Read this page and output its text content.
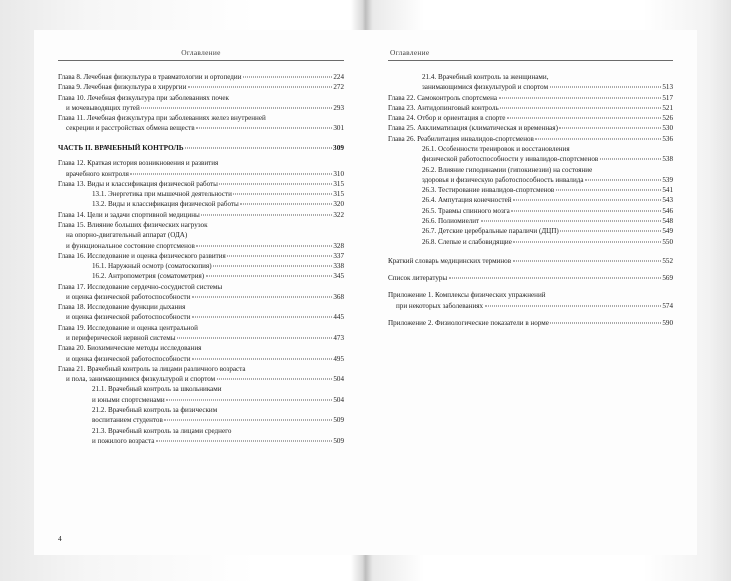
Оглавление
Глава 8. Лечебная физкультура в травматологии и ортопедии	224
Глава 9. Лечебная физкультура в хирургии	272
Глава 10. Лечебная физкультура при заболеваниях почек
и мочевыводящих путей	293
Глава 11. Лечебная физкультура при заболеваниях желез внутренней
секреции и расстройствах обмена веществ	301
ЧАСТЬ II. ВРАЧЕБНЫЙ КОНТРОЛЬ	309
Глава 12. Краткая история возникновения и развития
врачебного контроля	310
Глава 13. Виды и классификация физической работы	315
13.1. Энергетика при мышечной деятельности	315
13.2. Виды и классификация физической работы	320
Глава 14. Цели и задачи спортивной медицины	322
Глава 15. Влияние больших физических нагрузок
на опорно-двигательный аппарат (ОДА)
и функциональное состояние спортсменов	328
Глава 16. Исследование и оценка физического развития	337
16.1. Наружный осмотр (соматоскопия)	338
16.2. Антропометрия (соматометрия)	345
Глава 17. Исследование сердечно-сосудистой системы
и оценка физической работоспособности	368
Глава 18. Исследование функции дыхания
и оценка физической работоспособности	445
Глава 19. Исследование и оценка центральной
и периферической нервной системы	473
Глава 20. Биохимические методы исследования
и оценка физической работоспособности	495
Глава 21. Врачебный контроль за лицами различного возраста
и пола, занимающимися физкультурой и спортом	504
21.1. Врачебный контроль за школьниками
и юными спортсменами	504
21.2. Врачебный контроль за физическим
воспитанием студентов	509
21.3. Врачебный контроль за лицами среднего
и пожилого возраста	509
4
Оглавление
21.4. Врачебный контроль за женщинами,
занимающимися физкультурой и спортом	513
Глава 22. Самоконтроль спортсмена	517
Глава 23. Антидопинговый контроль	521
Глава 24. Отбор и ориентация в спорте	526
Глава 25. Акклиматизация (климатическая и временная)	530
Глава 26. Реабилитация инвалидов-спортсменов	536
26.1. Особенности тренировок и восстановления
физической работоспособности у инвалидов-спортсменов	538
26.2. Влияние гиподинамии (гипокинезии) на состояние
здоровья и физическую работоспособность инвалида	539
26.3. Тестирование инвалидов-спортсменов	541
26.4. Ампутация конечностей	543
26.5. Травмы спинного мозга	546
26.6. Полиомиелит	548
26.7. Детские церебральные параличи (ДЦП)	549
26.8. Слепые и слабовидящие	550
Краткий словарь медицинских терминов	552
Список литературы	569
Приложение 1. Комплексы физических упражнений
при некоторых заболеваниях	574
Приложение 2. Физиологические показатели в норме	590
